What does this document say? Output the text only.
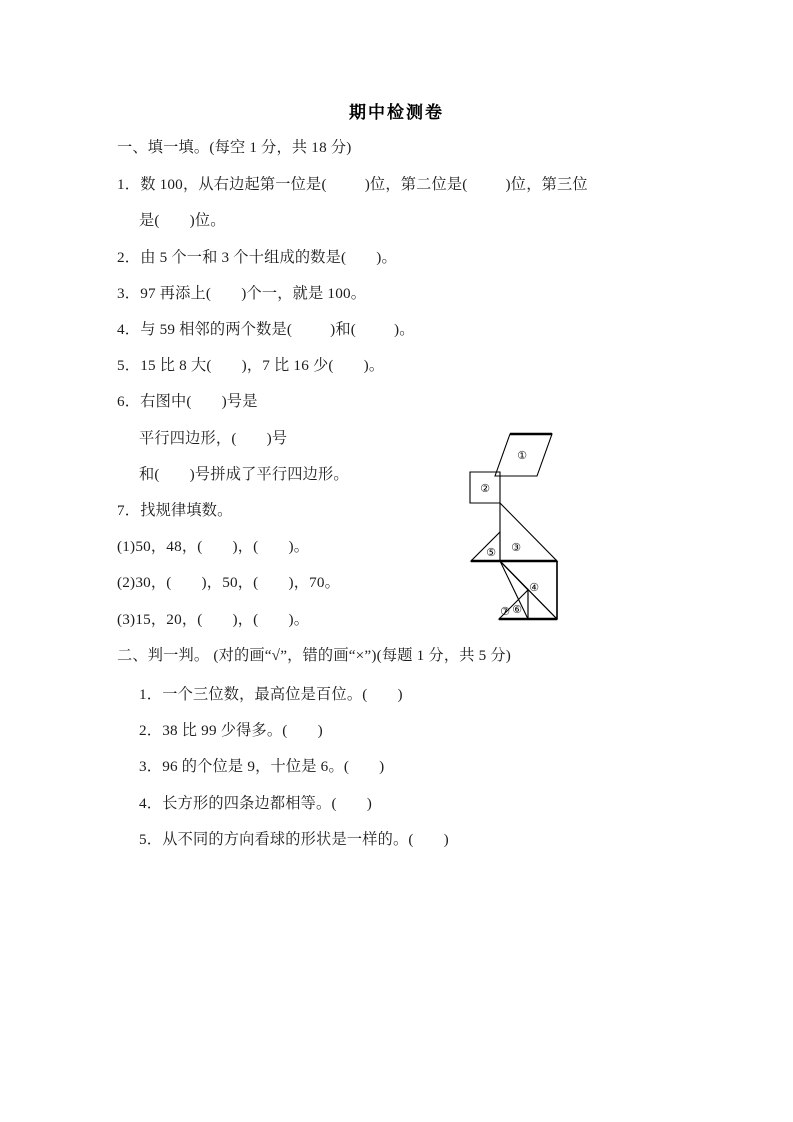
期中检测卷
一、填一填。(每空 1 分，共 18 分)
1．数 100，从右边起第一位是(	)位，第二位是(	)位，第三位
是( )位。
2．由 5 个一和 3 个十组成的数是( )。
3．97 再添上( )个一，就是 100。
4．与 59 相邻的两个数是(	)和(	)。
5．15 比 8 大( )，7 比 16 少( )。
6．右图中( )号是
平行四边形，( )号
和( )号拼成了平行四边形。
7．找规律填数。
(1)50，48，( )，( )。
(2)30，( )，50，( )，70。
(3)15，20，( )，( )。
二、判一判。 (对的画“√”，错的画“×”)(每题 1 分，共 5 分)
1．一个三位数，最高位是百位。( )
2．38 比 99 少得多。( )
3．96 的个位是 9，十位是 6。( )
4．长方形的四条边都相等。( )
5．从不同的方向看球的形状是一样的。( )
①
②
③
④
⑤
⑥
⑦
